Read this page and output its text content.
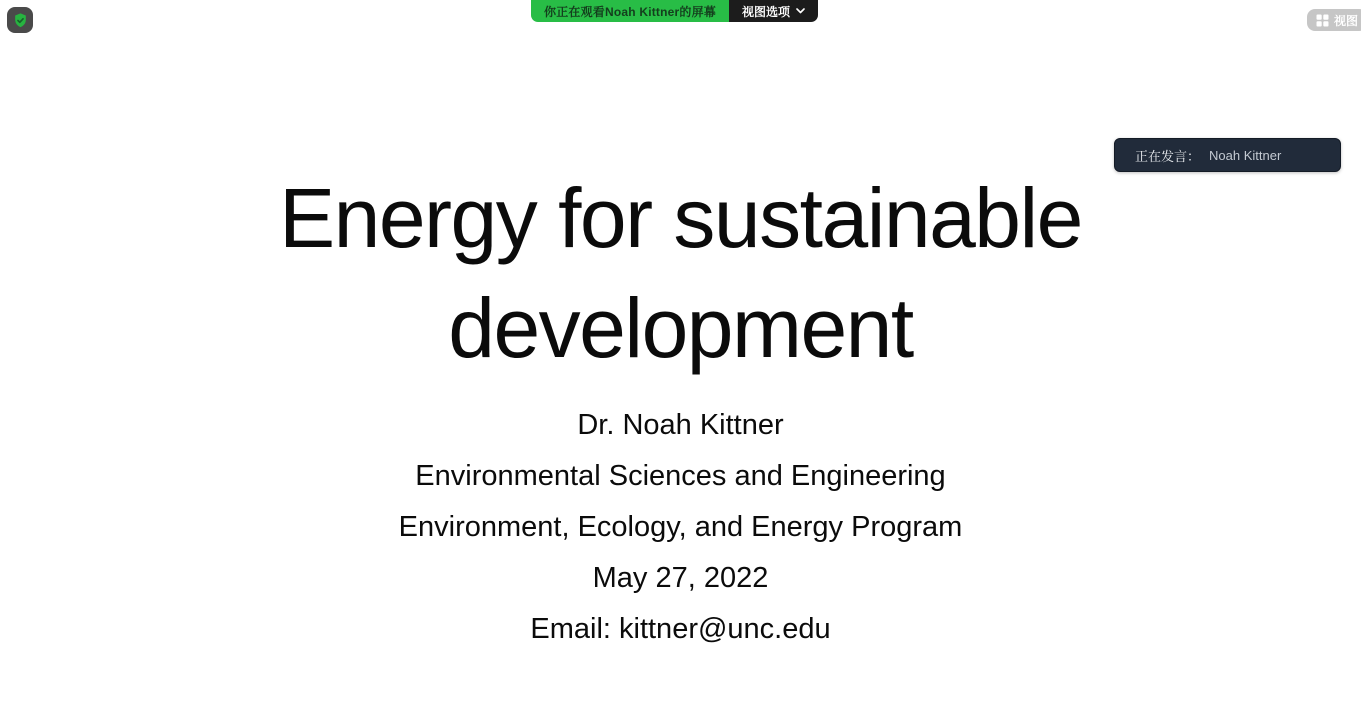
你正在观看Noah Kittner的屏幕	视图选项
视图
正在发言： Noah Kittner
Energy for sustainable
development
Dr. Noah Kittner
Environmental Sciences and Engineering
Environment, Ecology, and Energy Program
May 27, 2022
Email: kittner@unc.edu
